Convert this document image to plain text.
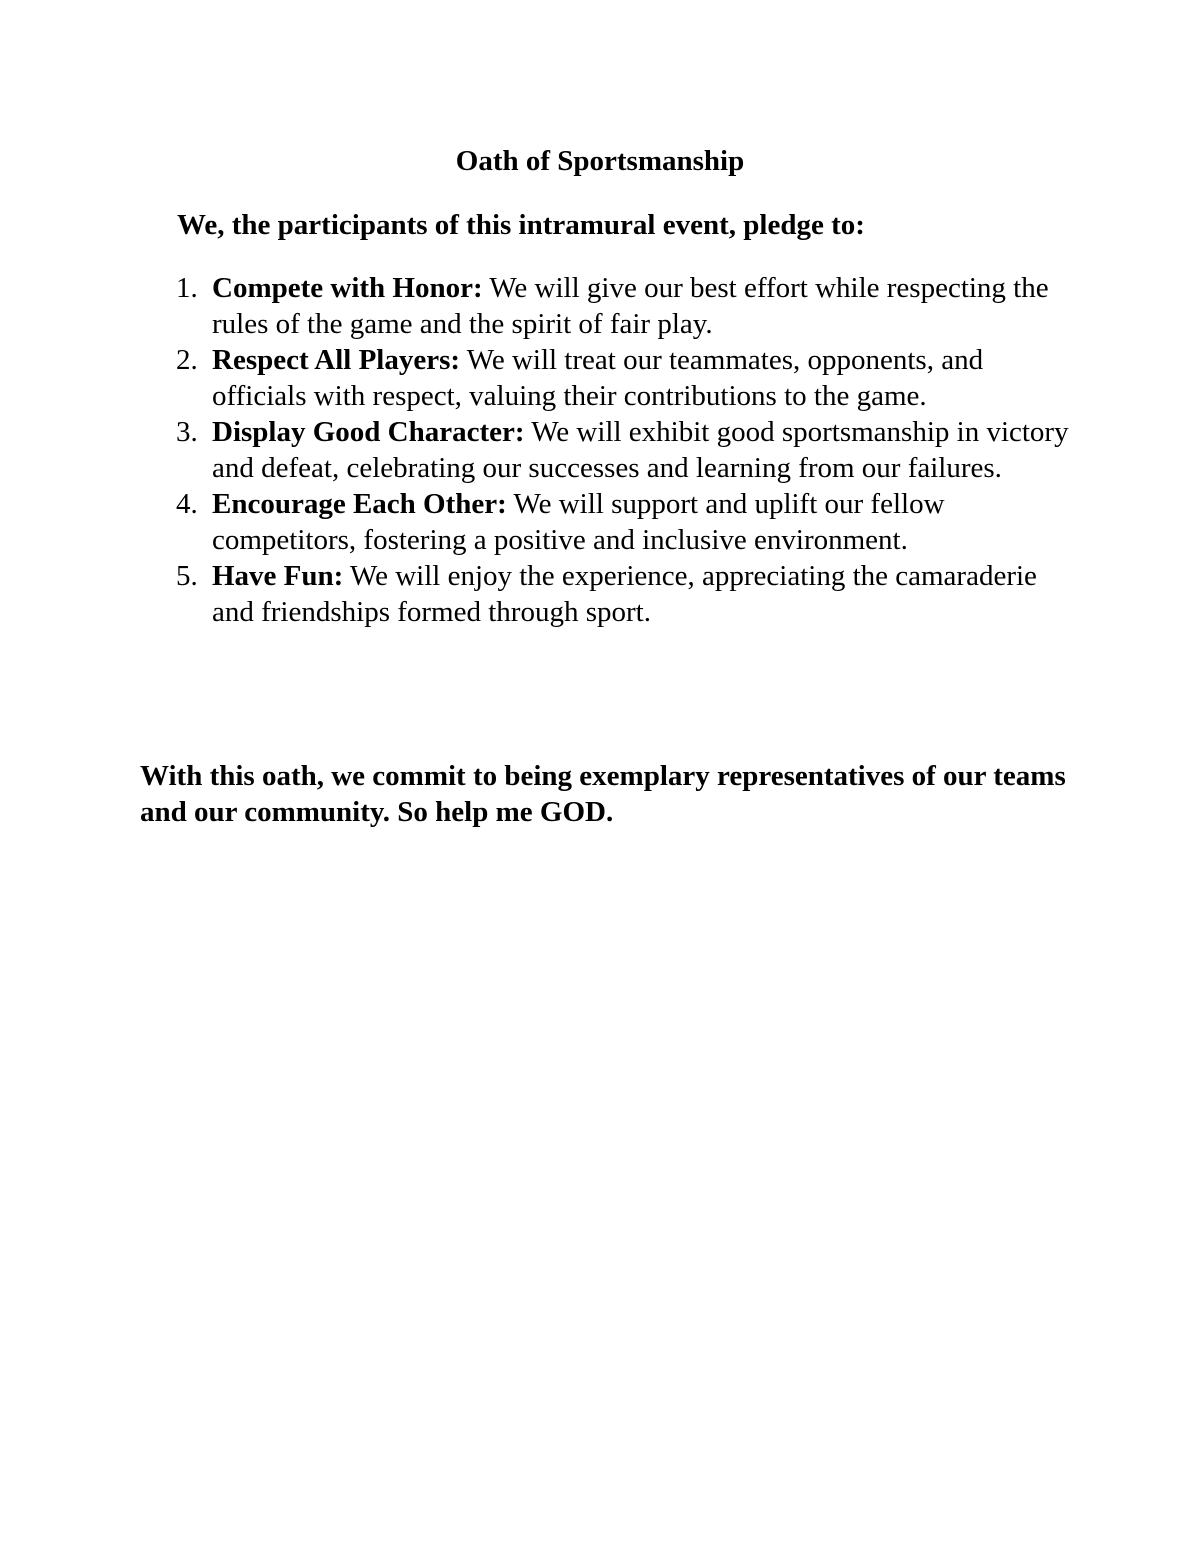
Oath of Sportsmanship
We, the participants of this intramural event, pledge to:
1. Compete with Honor: We will give our best effort while respecting the rules of the game and the spirit of fair play.
2. Respect All Players: We will treat our teammates, opponents, and officials with respect, valuing their contributions to the game.
3. Display Good Character: We will exhibit good sportsmanship in victory and defeat, celebrating our successes and learning from our failures.
4. Encourage Each Other: We will support and uplift our fellow competitors, fostering a positive and inclusive environment.
5. Have Fun: We will enjoy the experience, appreciating the camaraderie and friendships formed through sport.
With this oath, we commit to being exemplary representatives of our teams and our community. So help me GOD.
